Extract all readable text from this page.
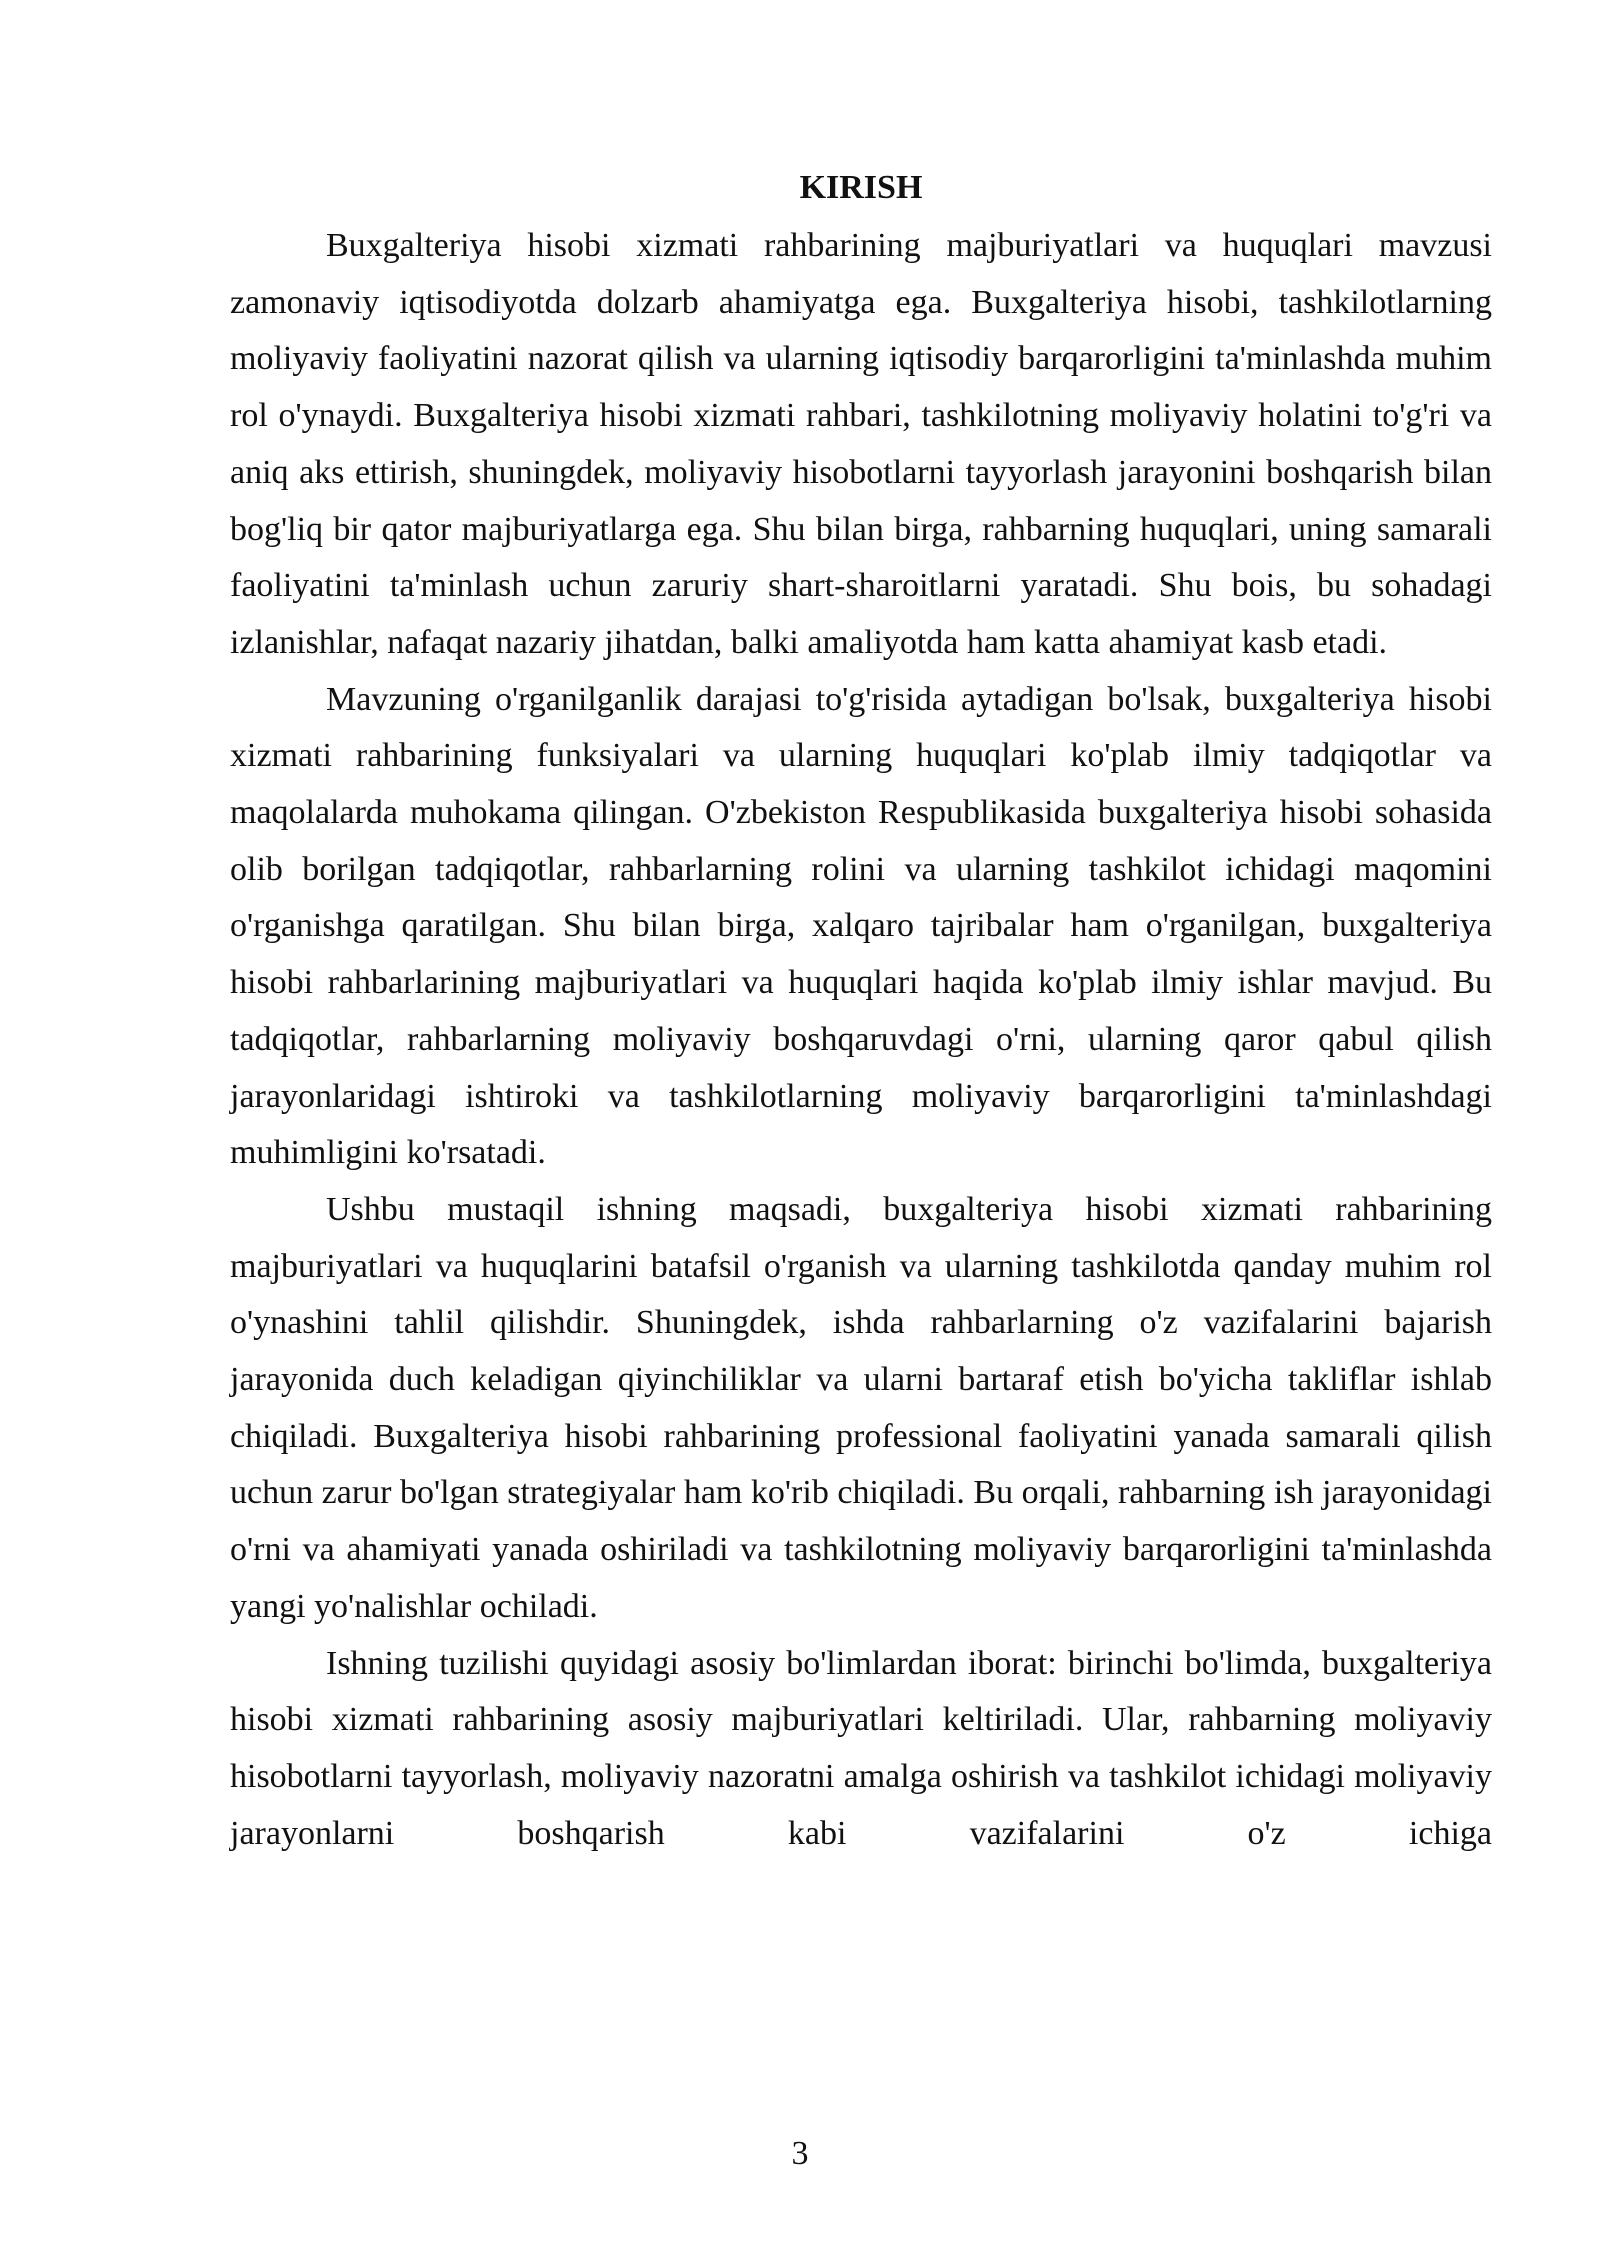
KIRISH

Buxgalteriya hisobi xizmati rahbarining majburiyatlari va huquqlari mavzusi zamonaviy iqtisodiyotda dolzarb ahamiyatga ega. Buxgalteriya hisobi, tashkilotlarning moliyaviy faoliyatini nazorat qilish va ularning iqtisodiy barqarorligini ta'minlashda muhim rol o'ynaydi. Buxgalteriya hisobi xizmati rahbari, tashkilotning moliyaviy holatini to'g'ri va aniq aks ettirish, shuningdek, moliyaviy hisobotlarni tayyorlash jarayonini boshqarish bilan bog'liq bir qator majburiyatlarga ega. Shu bilan birga, rahbarning huquqlari, uning samarali faoliyatini ta'minlash uchun zaruriy shart-sharoitlarni yaratadi. Shu bois, bu sohadagi izlanishlar, nafaqat nazariy jihatdan, balki amaliyotda ham katta ahamiyat kasb etadi.

Mavzuning o'rganilganlik darajasi to'g'risida aytadigan bo'lsak, buxgalteriya hisobi xizmati rahbarining funksiyalari va ularning huquqlari ko'plab ilmiy tadqiqotlar va maqolalarda muhokama qilingan. O'zbekiston Respublikasida buxgalteriya hisobi sohasida olib borilgan tadqiqotlar, rahbarlarning rolini va ularning tashkilot ichidagi maqomini o'rganishga qaratilgan. Shu bilan birga, xalqaro tajribalar ham o'rganilgan, buxgalteriya hisobi rahbarlarining majburiyatlari va huquqlari haqida ko'plab ilmiy ishlar mavjud. Bu tadqiqotlar, rahbarlarning moliyaviy boshqaruvdagi o'rni, ularning qaror qabul qilish jarayonlaridagi ishtiroki va tashkilotlarning moliyaviy barqarorligini ta'minlashdagi muhimligini ko'rsatadi.

Ushbu mustaqil ishning maqsadi, buxgalteriya hisobi xizmati rahbarining majburiyatlari va huquqlarini batafsil o'rganish va ularning tashkilotda qanday muhim rol o'ynashini tahlil qilishdir. Shuningdek, ishda rahbarlarning o'z vazifalarini bajarish jarayonida duch keladigan qiyinchiliklar va ularni bartaraf etish bo'yicha takliflar ishlab chiqiladi. Buxgalteriya hisobi rahbarining professional faoliyatini yanada samarali qilish uchun zarur bo'lgan strategiyalar ham ko'rib chiqiladi. Bu orqali, rahbarning ish jarayonidagi o'rni va ahamiyati yanada oshiriladi va tashkilotning moliyaviy barqarorligini ta'minlashda yangi yo'nalishlar ochiladi.

Ishning tuzilishi quyidagi asosiy bo'limlardan iborat: birinchi bo'limda, buxgalteriya hisobi xizmati rahbarining asosiy majburiyatlari keltiriladi. Ular, rahbarning moliyaviy hisobotlarni tayyorlash, moliyaviy nazoratni amalga oshirish va tashkilot ichidagi moliyaviy jarayonlarni boshqarish kabi vazifalarini o'z ichiga

3
